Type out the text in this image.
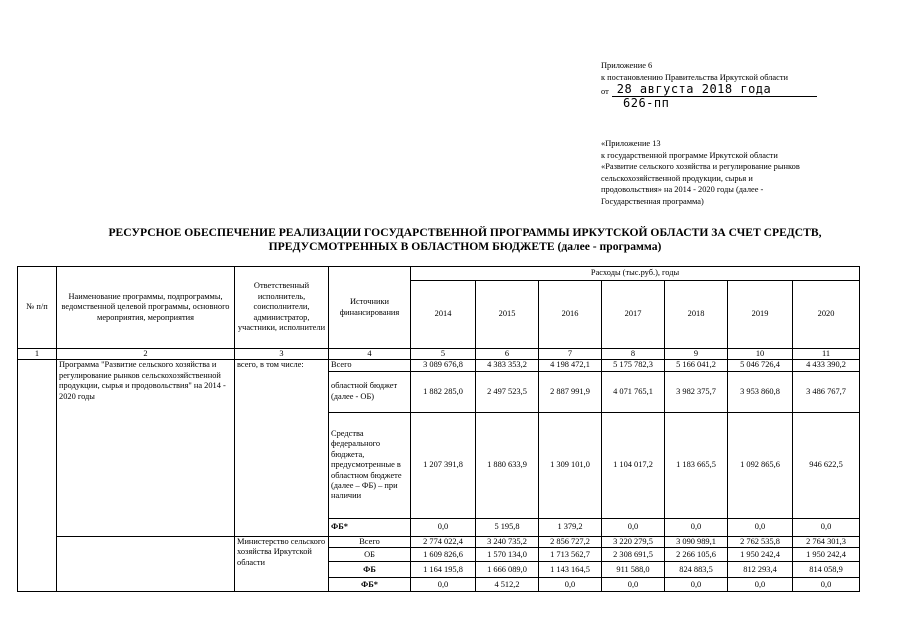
Приложение 6
к постановлению Правительства Иркутской области
от 28 августа 2018 года
626-пп
«Приложение 13
к государственной программе Иркутской области
«Развитие сельского хозяйства и регулирование рынков
сельскохозяйственной продукции, сырья и
продовольствия» на 2014 - 2020 годы (далее -
Государственная программа)
РЕСУРСНОЕ ОБЕСПЕЧЕНИЕ РЕАЛИЗАЦИИ ГОСУДАРСТВЕННОЙ ПРОГРАММЫ ИРКУТСКОЙ ОБЛАСТИ ЗА СЧЕТ СРЕДСТВ,
ПРЕДУСМОТРЕННЫХ В ОБЛАСТНОМ БЮДЖЕТЕ (далее - программа)
№ п/п	Наименование программы, подпрограммы, ведомственной целевой программы, основного мероприятия, мероприятия	Ответственный исполнитель, соисполнители, администратор, участники, исполнители	Источники финансирования	Расходы (тыс.руб.), годы						
				2014	2015	2016	2017	2018	2019	2020
1	2	3	4	5	6	7	8	9	10	11
	Программа "Развитие сельского хозяйства и регулирование рынков сельскохозяйственной продукции, сырья и продовольствия" на 2014 - 2020 годы	всего, в том числе:	Всего	3 089 676,8	4 383 353,2	4 198 472,1	5 175 782,3	5 166 041,2	5 046 726,4	4 433 390,2
			областной бюджет (далее - ОБ)	1 882 285,0	2 497 523,5	2 887 991,9	4 071 765,1	3 982 375,7	3 953 860,8	3 486 767,7
			Средства федерального бюджета, предусмотренные в областном бюджете (далее – ФБ) – при наличии	1 207 391,8	1 880 633,9	1 309 101,0	1 104 017,2	1 183 665,5	1 092 865,6	946 622,5
			ФБ*	0,0	5 195,8	1 379,2	0,0	0,0	0,0	0,0
		Министерство сельского хозяйства Иркутской области	Всего	2 774 022,4	3 240 735,2	2 856 727,2	3 220 279,5	3 090 989,1	2 762 535,8	2 764 301,3
			ОБ	1 609 826,6	1 570 134,0	1 713 562,7	2 308 691,5	2 266 105,6	1 950 242,4	1 950 242,4
			ФБ	1 164 195,8	1 666 089,0	1 143 164,5	911 588,0	824 883,5	812 293,4	814 058,9
			ФБ*	0,0	4 512,2	0,0	0,0	0,0	0,0	0,0
